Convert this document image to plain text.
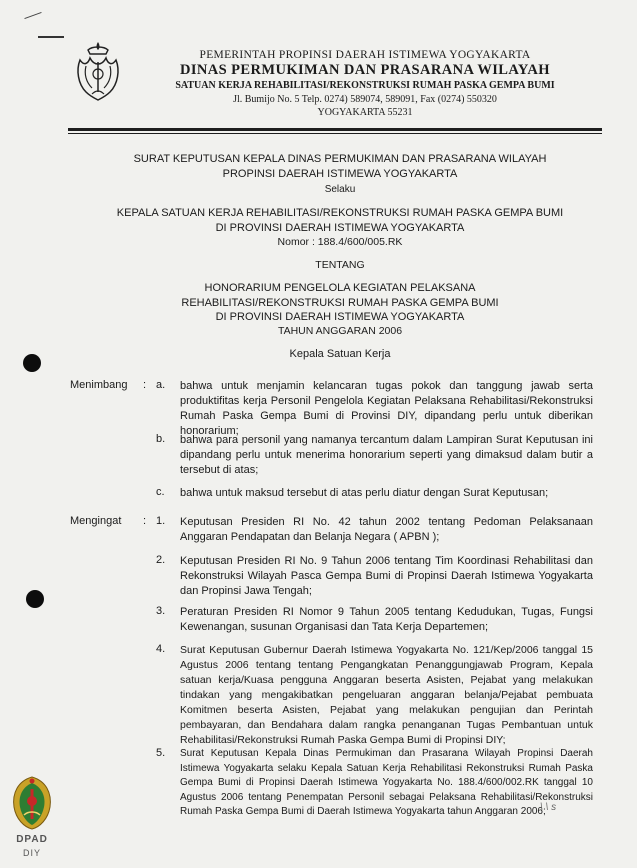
PEMERINTAH PROPINSI DAERAH ISTIMEWA YOGYAKARTA
DINAS PERMUKIMAN DAN PRASARANA WILAYAH
SATUAN KERJA REHABILITASI/REKONSTRUKSI RUMAH PASKA GEMPA BUMI
Jl. Bumijo No. 5 Telp. 0274) 589074, 589091, Fax (0274) 550320
YOGYAKARTA 55231
SURAT KEPUTUSAN KEPALA DINAS PERMUKIMAN DAN PRASARANA WILAYAH
PROPINSI DAERAH ISTIMEWA YOGYAKARTA
Selaku
KEPALA SATUAN KERJA REHABILITASI/REKONSTRUKSI RUMAH PASKA GEMPA BUMI
DI PROVINSI DAERAH ISTIMEWA YOGYAKARTA
Nomor : 188.4/600/005.RK
TENTANG
HONORARIUM PENGELOLA KEGIATAN PELAKSANA
REHABILITASI/REKONSTRUKSI RUMAH PASKA GEMPA BUMI
DI PROVINSI DAERAH ISTIMEWA YOGYAKARTA
TAHUN ANGGARAN 2006
Kepala Satuan Kerja
Menimbang : a. bahwa untuk menjamin kelancaran tugas pokok dan tanggung jawab serta produktifitas kerja Personil Pengelola Kegiatan Pelaksana Rehabilitasi/Rekonstruksi Rumah Paska Gempa Bumi di Provinsi DIY, dipandang perlu untuk diberikan honorarium;
b. bahwa para personil yang namanya tercantum dalam Lampiran Surat Keputusan ini dipandang perlu untuk menerima honorarium seperti yang dimaksud dalam butir a tersebut di atas;
c. bahwa untuk maksud tersebut di atas perlu diatur dengan Surat Keputusan;
Mengingat : 1. Keputusan Presiden RI No. 42 tahun 2002 tentang Pedoman Pelaksanaan Anggaran Pendapatan dan Belanja Negara ( APBN );
2. Keputusan Presiden RI No. 9 Tahun 2006 tentang Tim Koordinasi Rehabilitasi dan Rekonstruksi Wilayah Pasca Gempa Bumi di Propinsi Daerah Istimewa Yogyakarta dan Propinsi Jawa Tengah;
3. Peraturan Presiden RI Nomor 9 Tahun 2005 tentang Kedudukan, Tugas, Fungsi Kewenangan, susunan Organisasi dan Tata Kerja Departemen;
4. Surat Keputusan Gubernur Daerah Istimewa Yogyakarta No. 121/Kep/2006 tanggal 15 Agustus 2006 tentang tentang Pengangkatan Penanggungjawab Program, Kepala satuan kerja/Kuasa pengguna Anggaran beserta Asisten, Pejabat yang melakukan tindakan yang mengakibatkan pengeluaran anggaran belanja/Pejabat pembuata Komitmen beserta Asisten, Pejabat yang melakukan pengujian dan Perintah pembayaran, dan Bendahara dalam rangka penanganan Tugas Pembantuan untuk Rehabilitasi/Rekonstruksi Rumah Paska Gempa Bumi di Propinsi DIY;
5. Surat Keputusan Kepala Dinas Permukiman dan Prasarana Wilayah Propinsi Daerah Istimewa Yogyakarta selaku Kepala Satuan Kerja Rehabilitasi Rekonstruksi Rumah Paska Gempa Bumi di Propinsi Daerah Istimewa Yogyakarta No. 188.4/600/002.RK tanggal 10 Agustus 2006 tentang Penempatan Personil sebagai Pelaksana Rehabilitasi/Rekonstruksi Rumah Paska Gempa Bumi di Daerah Istimewa Yogyakarta tahun Anggaran 2006;
\ \ s
DPAD
DIY
